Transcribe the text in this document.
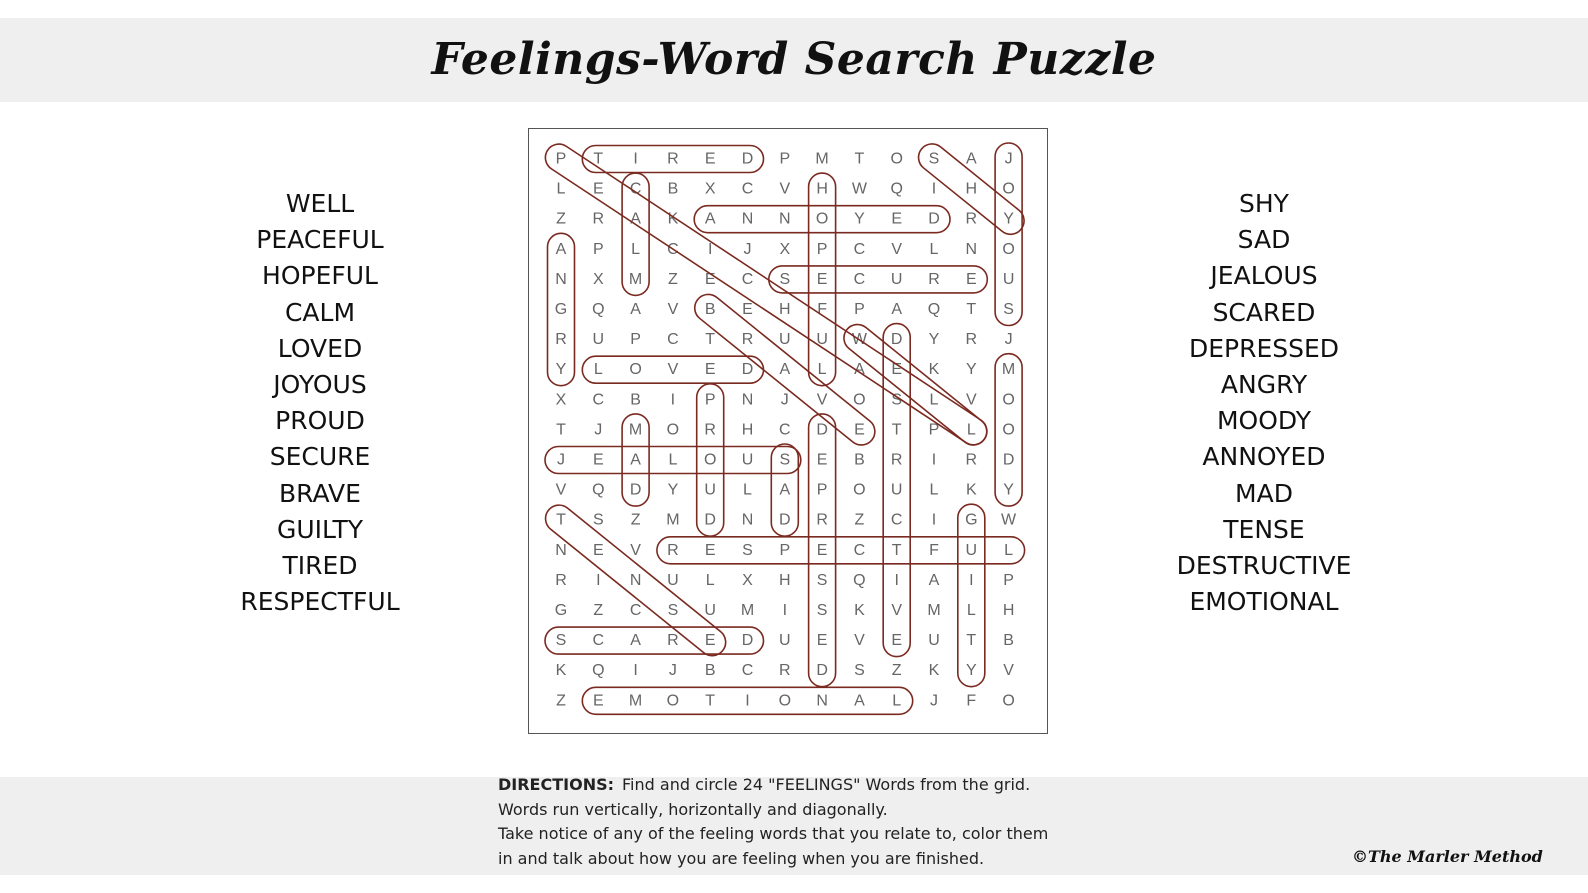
Feelings-Word Search Puzzle
WELL
PEACEFUL
HOPEFUL
CALM
LOVED
JOYOUS
PROUD
SECURE
BRAVE
GUILTY
TIRED
RESPECTFUL
SHY
SAD
JEALOUS
SCARED
DEPRESSED
ANGRY
MOODY
ANNOYED
MAD
TENSE
DESTRUCTIVE
EMOTIONAL
P T I R E D P M T O S A J
L E C B X C V H W Q I H O
Z R A K A N N O Y E D R Y
A P L C I J X P C V L N O
N X M Z E C S E C U R E U
G Q A V B E H F P A Q T S
R U P C T R U U W D Y R J
Y L O V E D A L A E K Y M
X C B I P N J V O S L V O
T J M O R H C D E T P L O
J E A L O U S E B R I R D
V Q D Y U L A P O U L K Y
T S Z M D N D R Z C I G W
N E V R E S P E C T F U L
R I N U L X H S Q I A I P
G Z C S U M I S K V M L H
S C A R E D U E V E U T B
K Q I J B C R D S Z K Y V
Z E M O T I O N A L J F O
DIRECTIONS: Find and circle 24 "FEELINGS" Words from the grid.
Words run vertically, horizontally and diagonally.
Take notice of any of the feeling words that you relate to, color them
in and talk about how you are feeling when you are finished.	©The Marler Method
